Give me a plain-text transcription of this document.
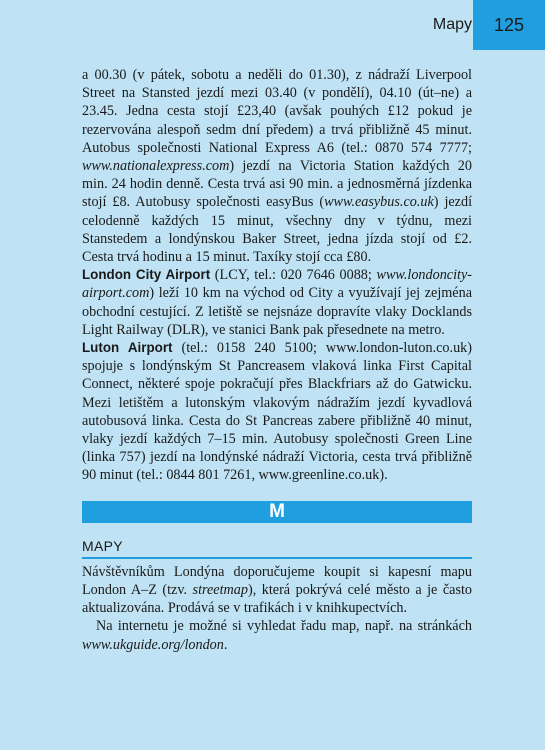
Mapy	125

a 00.30 (v pátek, sobotu a neděli do 01.30), z nádraží Liverpool Street na Stansted jezdí mezi 03.40 (v pondělí), 04.10 (út–ne) a 23.45. Jedna cesta stojí £23,40 (avšak pouhých £12 pokud je rezervována alespoň sedm dní předem) a trvá přibližně 45 minut. Autobus společnosti National Express A6 (tel.: 0870 574 7777; www.nationalexpress.com) jezdí na Victoria Station každých 20 min. 24 hodin denně. Cesta trvá asi 90 min. a jednosměrná jízdenka stojí £8. Autobusy společnosti easyBus (www.easybus.co.uk) jezdí celodenně každých 15 minut, všechny dny v týdnu, mezi Stanstedem a londýnskou Baker Street, jedna jízda stojí od £2. Cesta trvá hodinu a 15 minut. Taxíky stojí cca £80.

London City Airport (LCY, tel.: 020 7646 0088; www.londoncity-airport.com) leží 10 km na východ od City a využívají jej zejména obchodní cestující. Z letiště se nejsnáze dopravíte vlaky Docklands Light Railway (DLR), ve stanici Bank pak přesednete na metro.

Luton Airport (tel.: 0158 240 5100; www.london-luton.co.uk) spojuje s londýnským St Pancreasem vlaková linka First Capital Connect, některé spoje pokračují přes Blackfriars až do Gatwicku. Mezi letištěm a lutonským vlakovým nádražím jezdí kyvadlová autobusová linka. Cesta do St Pancreas zabere přibližně 40 minut, vlaky jezdí každých 7–15 min. Autobusy společnosti Green Line (linka 757) jezdí na londýnské nádraží Victoria, cesta trvá přibližně 90 minut (tel.: 0844 801 7261, www.greenline.co.uk).

M
MAPY

Návštěvníkům Londýna doporučujeme koupit si kapesní mapu London A–Z (tzv. streetmap), která pokrývá celé město a je často aktualizována. Prodává se v trafikách i v knihkupectvích.

Na internetu je možné si vyhledat řadu map, např. na stránkách www.ukguide.org/london.
